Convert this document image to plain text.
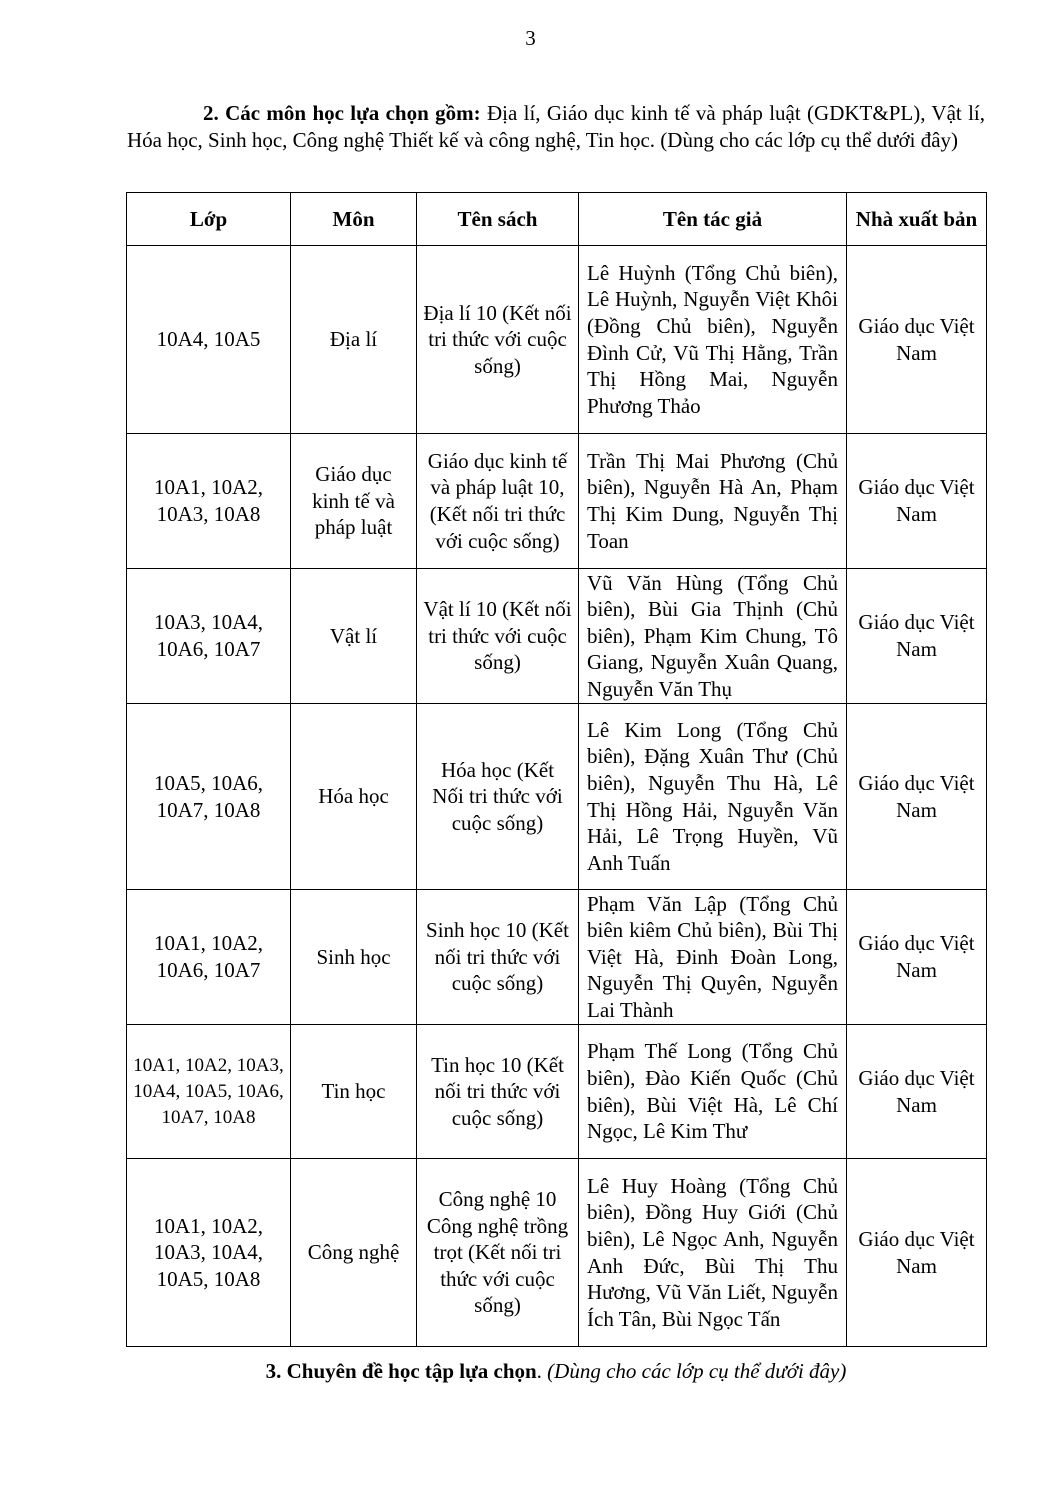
3

2. Các môn học lựa chọn gồm: Địa lí, Giáo dục kinh tế và pháp luật (GDKT&PL), Vật lí, Hóa học, Sinh học, Công nghệ Thiết kế và công nghệ, Tin học. (Dùng cho các lớp cụ thể dưới đây)

Lớp	Môn	Tên sách	Tên tác giả	Nhà xuất bản
10A4, 10A5	Địa lí	Địa lí 10 (Kết nối tri thức với cuộc sống)	Lê Huỳnh (Tổng Chủ biên), Lê Huỳnh, Nguyễn Việt Khôi (Đồng Chủ biên), Nguyễn Đình Cử, Vũ Thị Hằng, Trần Thị Hồng Mai, Nguyễn Phương Thảo	Giáo dục Việt Nam
10A1, 10A2, 10A3, 10A8	Giáo dục kinh tế và pháp luật	Giáo dục kinh tế và pháp luật 10, (Kết nối tri thức với cuộc sống)	Trần Thị Mai Phương (Chủ biên), Nguyễn Hà An, Phạm Thị Kim Dung, Nguyễn Thị Toan	Giáo dục Việt Nam
10A3, 10A4, 10A6, 10A7	Vật lí	Vật lí 10 (Kết nối tri thức với cuộc sống)	Vũ Văn Hùng (Tổng Chủ biên), Bùi Gia Thịnh (Chủ biên), Phạm Kim Chung, Tô Giang, Nguyễn Xuân Quang, Nguyễn Văn Thụ	Giáo dục Việt Nam
10A5, 10A6, 10A7, 10A8	Hóa học	Hóa học (Kết Nối tri thức với cuộc sống)	Lê Kim Long (Tổng Chủ biên), Đặng Xuân Thư (Chủ biên), Nguyễn Thu Hà, Lê Thị Hồng Hải, Nguyễn Văn Hải, Lê Trọng Huyền, Vũ Anh Tuấn	Giáo dục Việt Nam
10A1, 10A2, 10A6, 10A7	Sinh học	Sinh học 10 (Kết nối tri thức với cuộc sống)	Phạm Văn Lập (Tổng Chủ biên kiêm Chủ biên), Bùi Thị Việt Hà, Đinh Đoàn Long, Nguyễn Thị Quyên, Nguyễn Lai Thành	Giáo dục Việt Nam
10A1, 10A2, 10A3, 10A4, 10A5, 10A6, 10A7, 10A8	Tin học	Tin học 10 (Kết nối tri thức với cuộc sống)	Phạm Thế Long (Tổng Chủ biên), Đào Kiến Quốc (Chủ biên), Bùi Việt Hà, Lê Chí Ngọc, Lê Kim Thư	Giáo dục Việt Nam
10A1, 10A2, 10A3, 10A4, 10A5, 10A8	Công nghệ	Công nghệ 10 Công nghệ trồng trọt (Kết nối tri thức với cuộc sống)	Lê Huy Hoàng (Tổng Chủ biên), Đồng Huy Giới (Chủ biên), Lê Ngọc Anh, Nguyễn Anh Đức, Bùi Thị Thu Hương, Vũ Văn Liết, Nguyễn Ích Tân, Bùi Ngọc Tấn	Giáo dục Việt Nam

3. Chuyên đề học tập lựa chọn. (Dùng cho các lớp cụ thể dưới đây)
